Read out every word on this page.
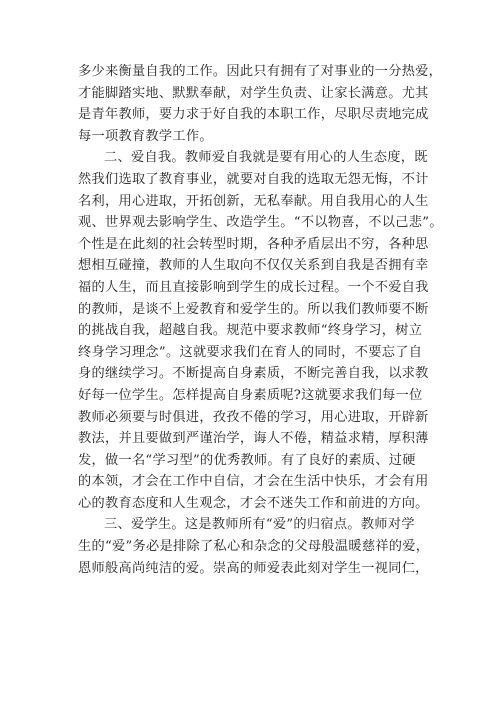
多少来衡量自我的工作。因此只有拥有了对事业的一分热爱，
才能脚踏实地、默默奉献，对学生负责、让家长满意。尤其
是青年教师，要力求于好自我的本职工作，尽职尽责地完成
每一项教育教学工作。
二、爱自我。教师爱自我就是要有用心的人生态度，既
然我们选取了教育事业，就要对自我的选取无怨无悔，不计
名利，用心进取，开拓创新，无私奉献。用自我用心的人生
观、世界观去影响学生、改造学生。“不以物喜，不以己悲”。
个性是在此刻的社会转型时期，各种矛盾层出不穷，各种思
想相互碰撞，教师的人生取向不仅仅关系到自我是否拥有幸
福的人生，而且直接影响到学生的成长过程。一个不爱自我
的教师，是谈不上爱教育和爱学生的。所以我们教师要不断
的挑战自我，超越自我。规范中要求教师“终身学习，树立
终身学习理念”。这就要求我们在育人的同时，不要忘了自
身的继续学习。不断提高自身素质，不断完善自我，以求教
好每一位学生。怎样提高自身素质呢?这就要求我们每一位
教师必须要与时俱进，孜孜不倦的学习，用心进取，开辟新
教法，并且要做到严谨治学，诲人不倦，精益求精，厚积薄
发，做一名“学习型”的优秀教师。有了良好的素质、过硬
的本领，才会在工作中自信，才会在生活中快乐，才会有用
心的教育态度和人生观念，才会不迷失工作和前进的方向。
三、爱学生。这是教师所有“爱”的归宿点。教师对学
生的“爱”务必是排除了私心和杂念的父母般温暖慈祥的爱，
恩师般高尚纯洁的爱。崇高的师爱表此刻对学生一视同仁，
